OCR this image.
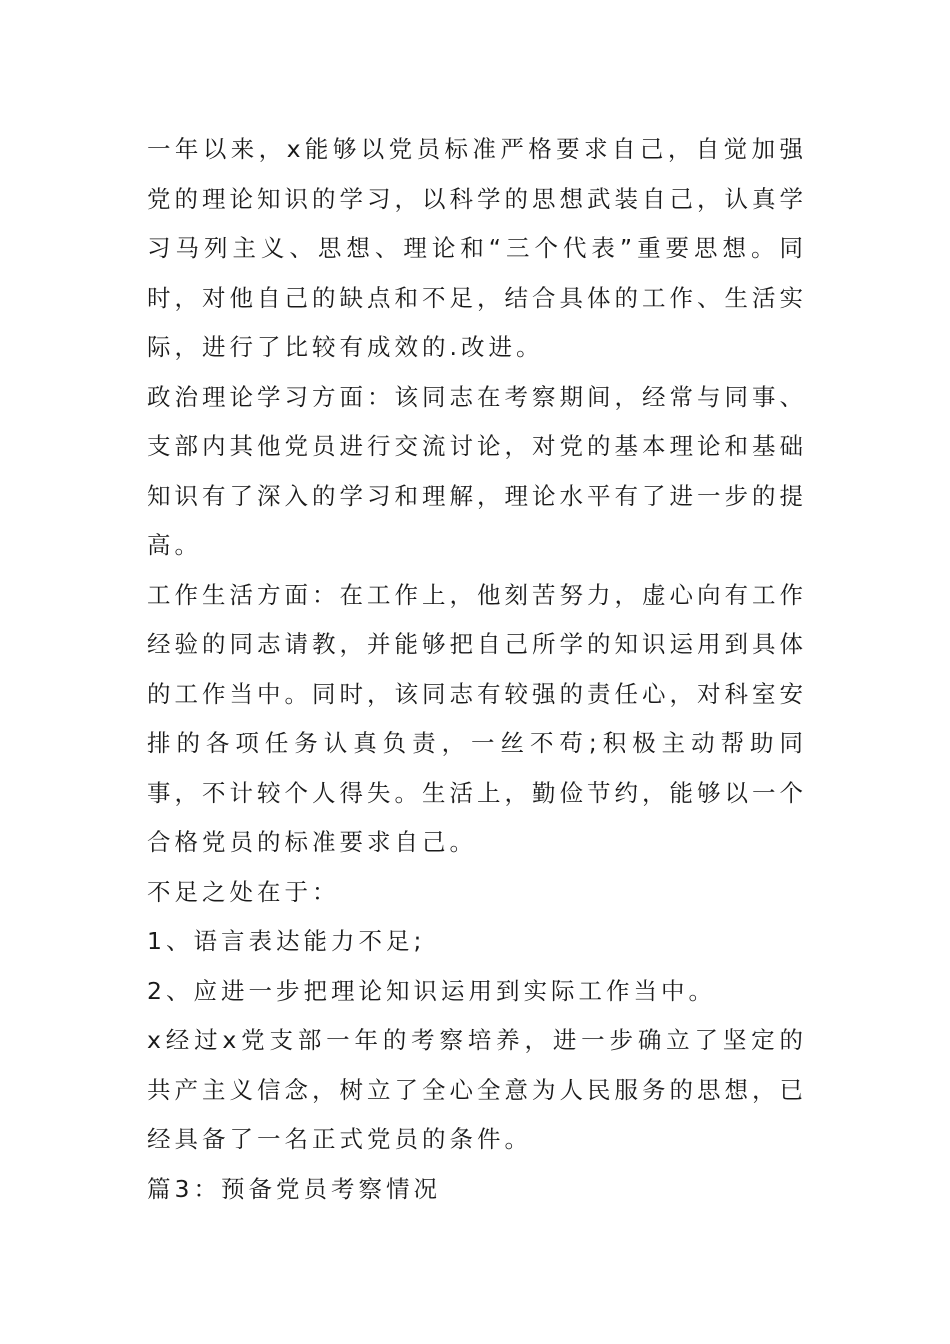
一年以来，x能够以党员标准严格要求自己，自觉加强党的理论知识的学习，以科学的思想武装自己，认真学习马列主义、思想、理论和“三个代表”重要思想。同时，对他自己的缺点和不足，结合具体的工作、生活实际，进行了比较有成效的.改进。

政治理论学习方面：该同志在考察期间，经常与同事、支部内其他党员进行交流讨论，对党的基本理论和基础知识有了深入的学习和理解，理论水平有了进一步的提高。

工作生活方面：在工作上，他刻苦努力，虚心向有工作经验的同志请教，并能够把自己所学的知识运用到具体的工作当中。同时，该同志有较强的责任心，对科室安排的各项任务认真负责，一丝不苟;积极主动帮助同事，不计较个人得失。生活上，勤俭节约，能够以一个合格党员的标准要求自己。

不足之处在于：

1、语言表达能力不足;

2、应进一步把理论知识运用到实际工作当中。

x经过x党支部一年的考察培养，进一步确立了坚定的共产主义信念，树立了全心全意为人民服务的思想，已经具备了一名正式党员的条件。

篇3：预备党员考察情况
